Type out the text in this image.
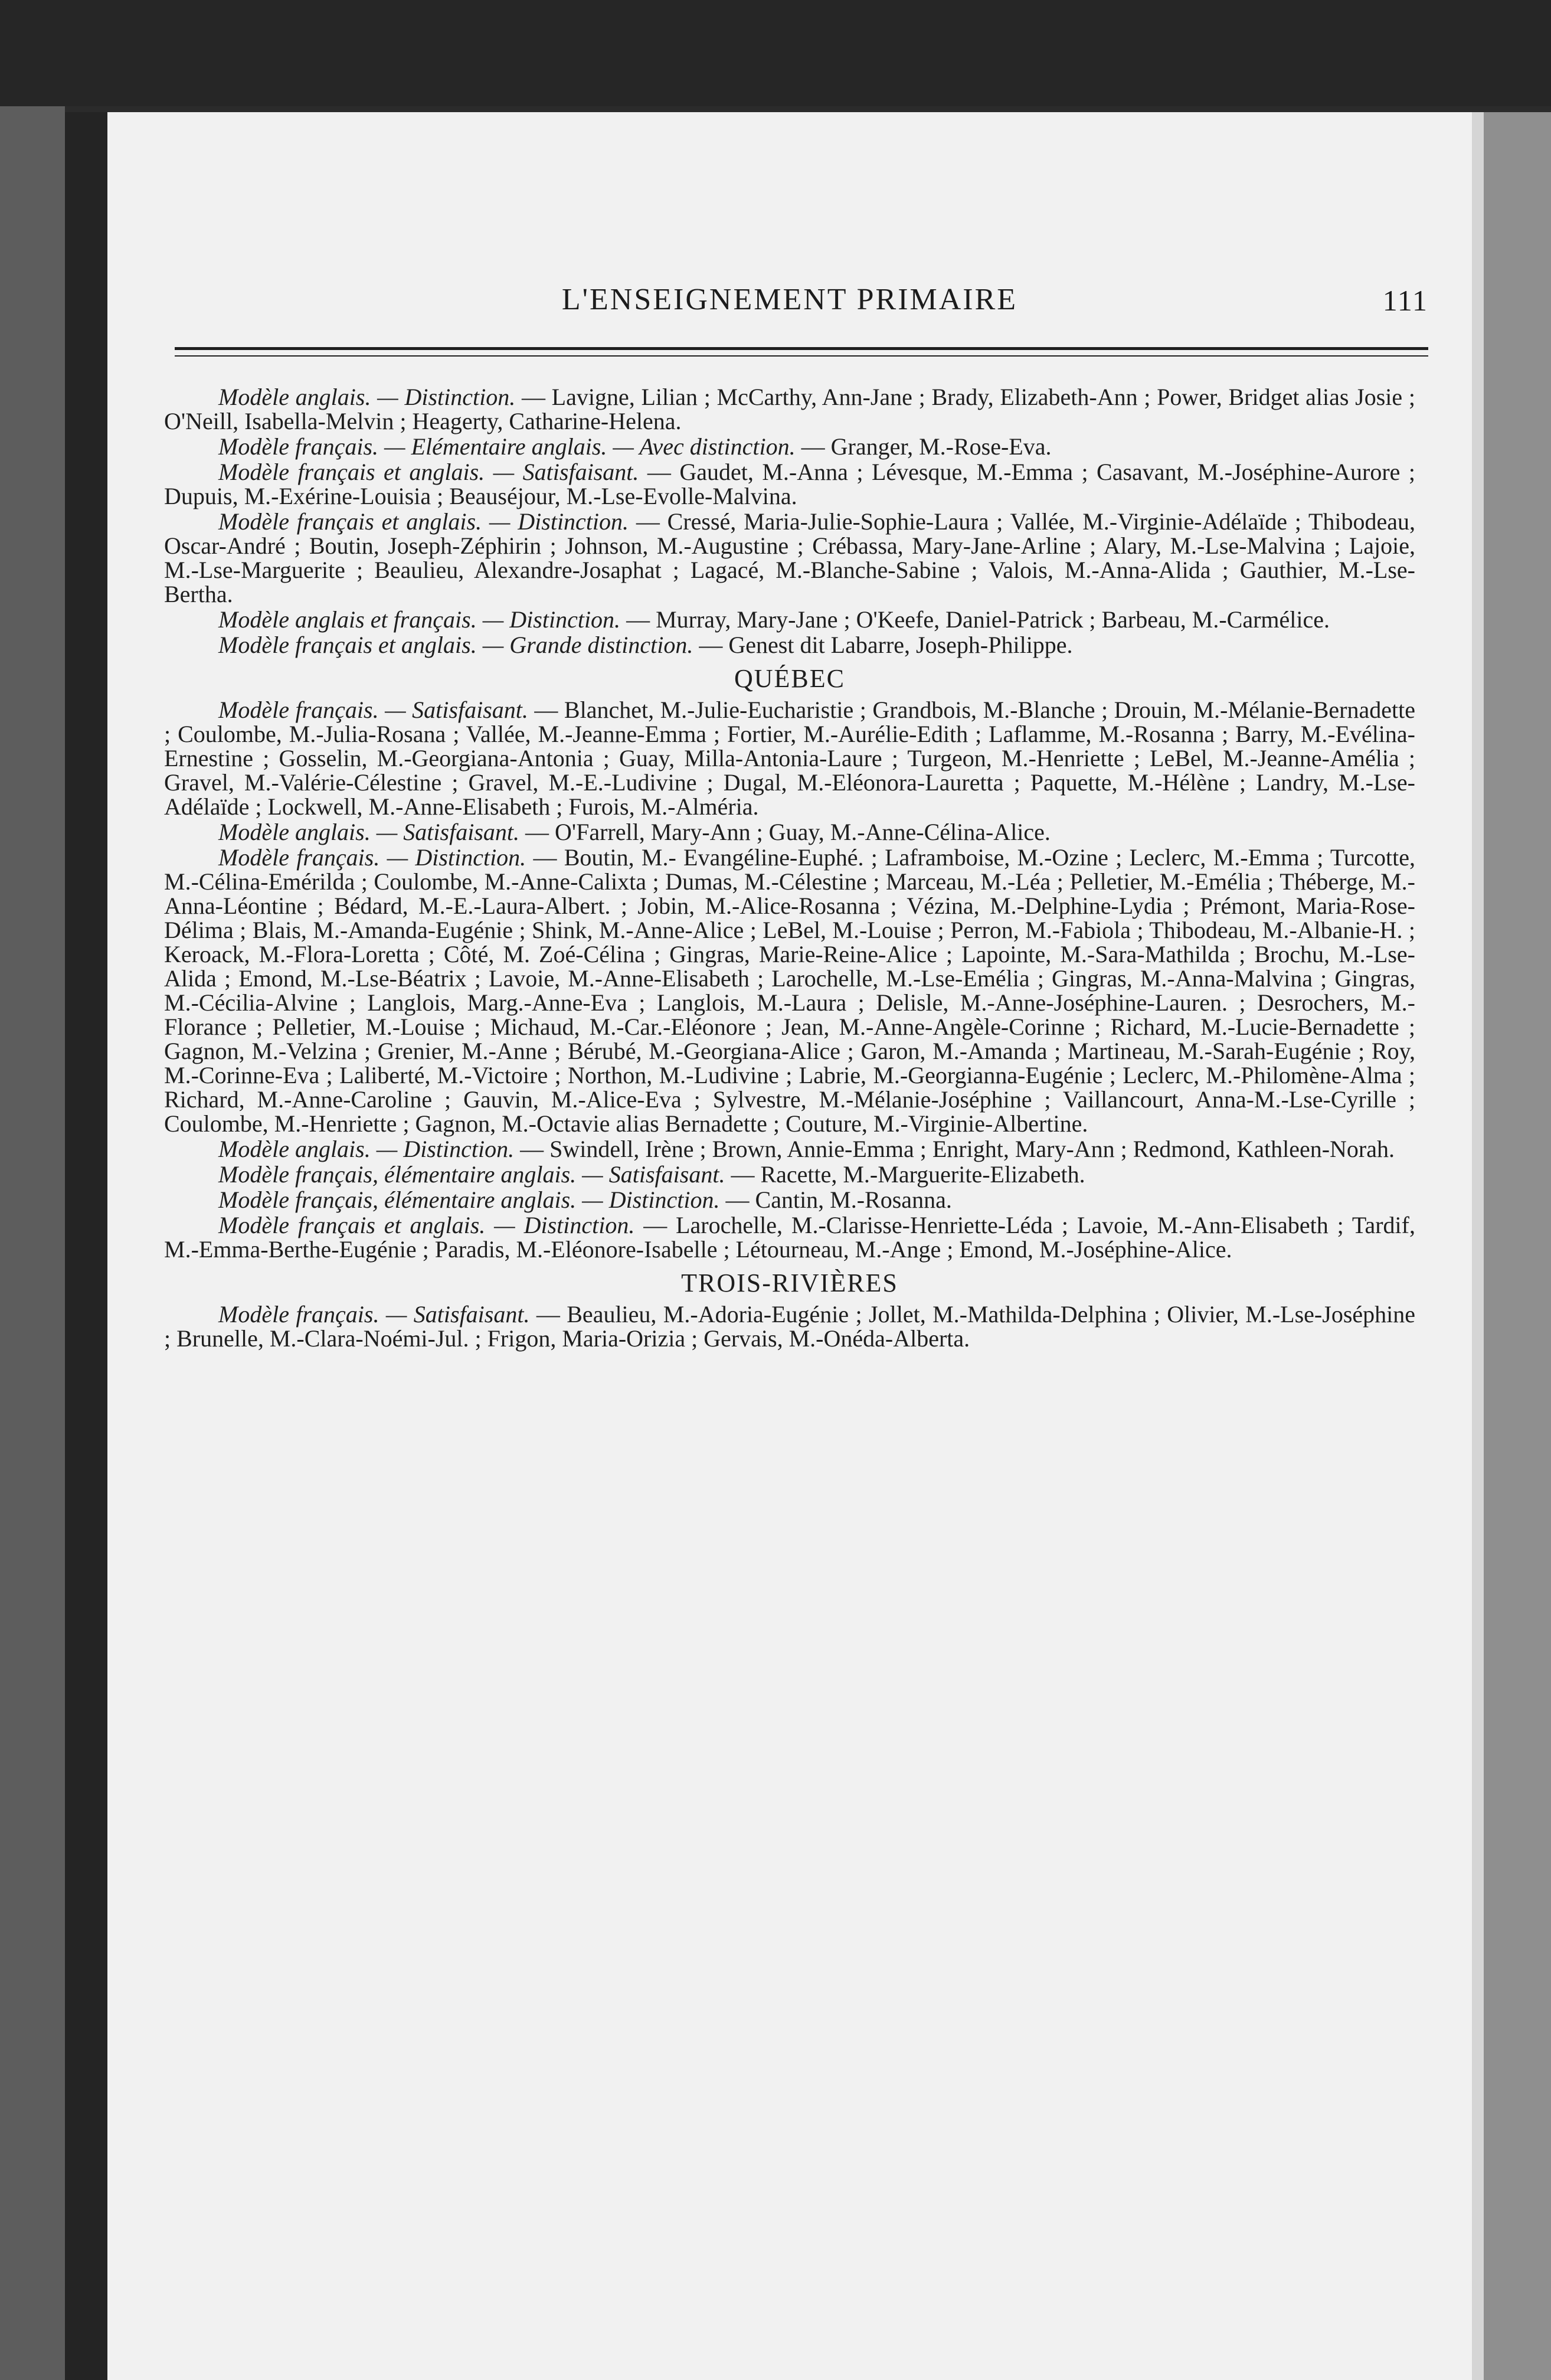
L'ENSEIGNEMENT PRIMAIRE	111
Modèle anglais. — Distinction. — Lavigne, Lilian ; McCarthy, Ann-Jane ; Brady, Elizabeth-Ann ; Power, Bridget alias Josie ; O'Neill, Isabella-Melvin ; Heagerty, Catharine-Helena.
Modèle français. — Elémentaire anglais. — Avec distinction. — Granger, M.-Rose-Eva.
Modèle français et anglais. — Satisfaisant. — Gaudet, M.-Anna ; Lévesque, M.-Emma ; Casavant, M.-Joséphine-Aurore ; Dupuis, M.-Exérine-Louisia ; Beauséjour, M.-Lse-Evolle-Malvina.
Modèle français et anglais. — Distinction. — Cressé, Maria-Julie-Sophie-Laura ; Vallée, M.-Virginie-Adélaïde ; Thibodeau, Oscar-André ; Boutin, Joseph-Zéphirin ; Johnson, M.-Augustine ; Crébassa, Mary-Jane-Arline ; Alary, M.-Lse-Malvina ; Lajoie, M.-Lse-Marguerite ; Beaulieu, Alexandre-Josaphat ; Lagacé, M.-Blanche-Sabine ; Valois, M.-Anna-Alida ; Gauthier, M.-Lse-Bertha.
Modèle anglais et français. — Distinction. — Murray, Mary-Jane ; O'Keefe, Daniel-Patrick ; Barbeau, M.-Carmélice.
Modèle français et anglais. — Grande distinction. — Genest dit Labarre, Joseph-Philippe.
QUÉBEC
Modèle français. — Satisfaisant. — Blanchet, M.-Julie-Eucharistie ; Grandbois, M.-Blanche ; Drouin, M.-Mélanie-Bernadette ; Coulombe, M.-Julia-Rosana ; Vallée, M.-Jeanne-Emma ; Fortier, M.-Aurélie-Edith ; Laflamme, M.-Rosanna ; Barry, M.-Evélina-Ernestine ; Gosselin, M.-Georgiana-Antonia ; Guay, Milla-Antonia-Laure ; Turgeon, M.-Henriette ; LeBel, M.-Jeanne-Amélia ; Gravel, M.-Valérie-Célestine ; Gravel, M.-E.-Ludivine ; Dugal, M.-Eléonora-Lauretta ; Paquette, M.-Hélène ; Landry, M.-Lse-Adélaïde ; Lockwell, M.-Anne-Elisabeth ; Furois, M.-Alméria.
Modèle anglais. — Satisfaisant. — O'Farrell, Mary-Ann ; Guay, M.-Anne-Célina-Alice.
Modèle français. — Distinction. — Boutin, M.- Evangéline-Euphé. ; Laframboise, M.-Ozine ; Leclerc, M.-Emma ; Turcotte, M.-Célina-Emérilda ; Coulombe, M.-Anne-Calixta ; Dumas, M.-Célestine ; Marceau, M.-Léa ; Pelletier, M.-Emélia ; Théberge, M.-Anna-Léontine ; Bédard, M.-E.-Laura-Albert. ; Jobin, M.-Alice-Rosanna ; Vézina, M.-Delphine-Lydia ; Prémont, Maria-Rose-Délima ; Blais, M.-Amanda-Eugénie ; Shink, M.-Anne-Alice ; LeBel, M.-Louise ; Perron, M.-Fabiola ; Thibodeau, M.-Albanie-H. ; Keroack, M.-Flora-Loretta ; Côté, M. Zoé-Célina ; Gingras, Marie-Reine-Alice ; Lapointe, M.-Sara-Mathilda ; Brochu, M.-Lse-Alida ; Emond, M.-Lse-Béatrix ; Lavoie, M.-Anne-Elisabeth ; Larochelle, M.-Lse-Emélia ; Gingras, M.-Anna-Malvina ; Gingras, M.-Cécilia-Alvine ; Langlois, Marg.-Anne-Eva ; Langlois, M.-Laura ; Delisle, M.-Anne-Joséphine-Lauren. ; Desrochers, M.-Florance ; Pelletier, M.-Louise ; Michaud, M.-Car.-Eléonore ; Jean, M.-Anne-Angèle-Corinne ; Richard, M.-Lucie-Bernadette ; Gagnon, M.-Velzina ; Grenier, M.-Anne ; Bérubé, M.-Georgiana-Alice ; Garon, M.-Amanda ; Martineau, M.-Sarah-Eugénie ; Roy, M.-Corinne-Eva ; Laliberté, M.-Victoire ; Northon, M.-Ludivine ; Labrie, M.-Georgianna-Eugénie ; Leclerc, M.-Philomène-Alma ; Richard, M.-Anne-Caroline ; Gauvin, M.-Alice-Eva ; Sylvestre, M.-Mélanie-Joséphine ; Vaillancourt, Anna-M.-Lse-Cyrille ; Coulombe, M.-Henriette ; Gagnon, M.-Octavie alias Bernadette ; Couture, M.-Virginie-Albertine.
Modèle anglais. — Distinction. — Swindell, Irène ; Brown, Annie-Emma ; Enright, Mary-Ann ; Redmond, Kathleen-Norah.
Modèle français, élémentaire anglais. — Satisfaisant. — Racette, M.-Marguerite-Elizabeth.
Modèle français, élémentaire anglais. — Distinction. — Cantin, M.-Rosanna.
Modèle français et anglais. — Distinction. — Larochelle, M.-Clarisse-Henriette-Léda ; Lavoie, M.-Ann-Elisabeth ; Tardif, M.-Emma-Berthe-Eugénie ; Paradis, M.-Eléonore-Isabelle ; Létourneau, M.-Ange ; Emond, M.-Joséphine-Alice.
TROIS-RIVIÈRES
Modèle français. — Satisfaisant. — Beaulieu, M.-Adoria-Eugénie ; Jollet, M.-Mathilda-Delphina ; Olivier, M.-Lse-Joséphine ; Brunelle, M.-Clara-Noémi-Jul. ; Frigon, Maria-Orizia ; Gervais, M.-Onéda-Alberta.
